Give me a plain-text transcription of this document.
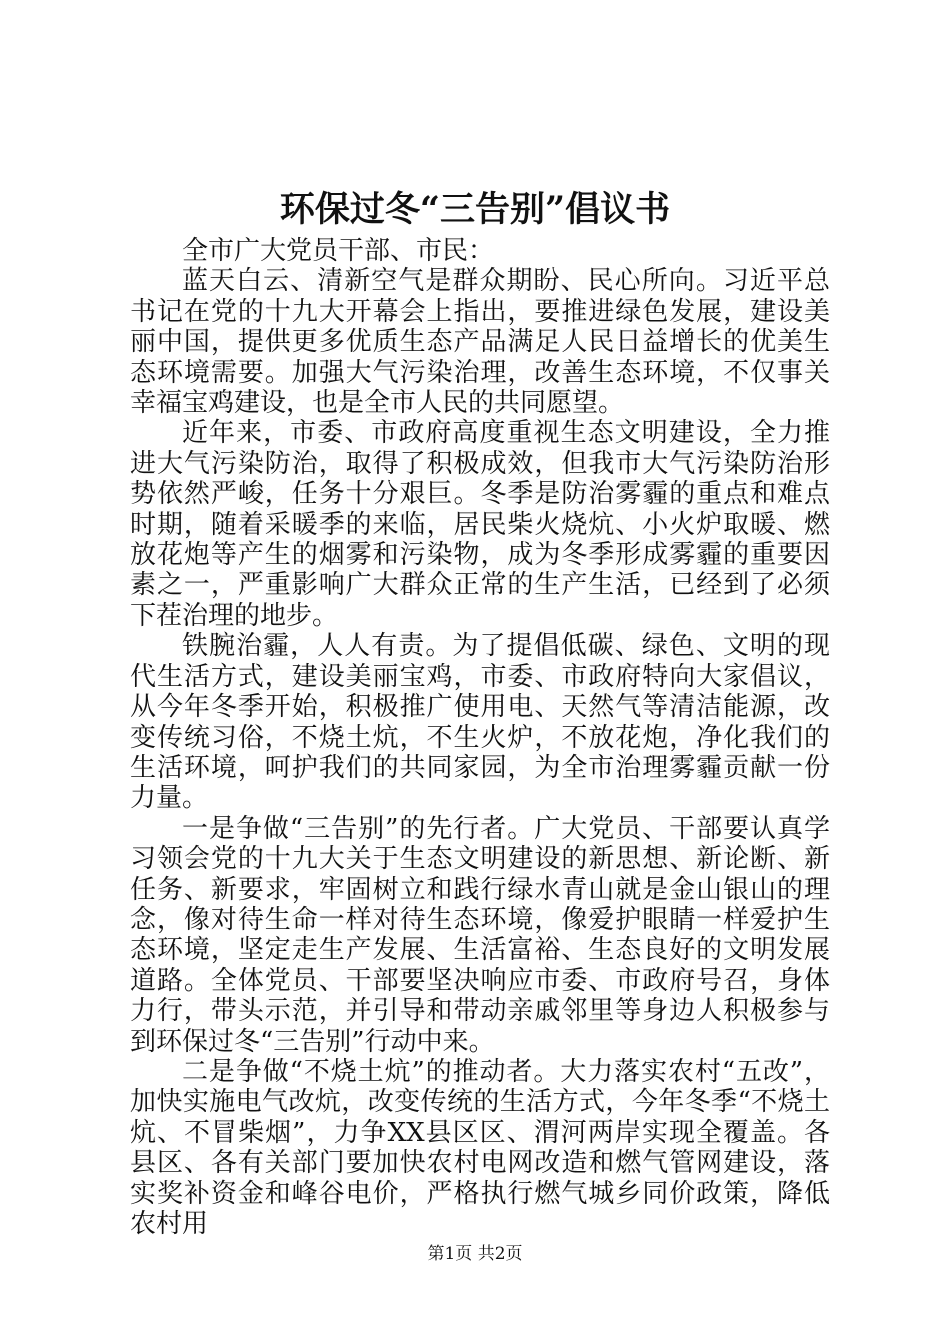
环保过冬“三告别”倡议书

全市广大党员干部、市民：

蓝天白云、清新空气是群众期盼、民心所向。习近平总书记在党的十九大开幕会上指出，要推进绿色发展，建设美丽中国，提供更多优质生态产品满足人民日益增长的优美生态环境需要。加强大气污染治理，改善生态环境，不仅事关幸福宝鸡建设，也是全市人民的共同愿望。

近年来，市委、市政府高度重视生态文明建设，全力推进大气污染防治，取得了积极成效，但我市大气污染防治形势依然严峻，任务十分艰巨。冬季是防治雾霾的重点和难点时期，随着采暖季的来临，居民柴火烧炕、小火炉取暖、燃放花炮等产生的烟雾和污染物，成为冬季形成雾霾的重要因素之一，严重影响广大群众正常的生产生活，已经到了必须下茬治理的地步。

铁腕治霾，人人有责。为了提倡低碳、绿色、文明的现代生活方式，建设美丽宝鸡，市委、市政府特向大家倡议，从今年冬季开始，积极推广使用电、天然气等清洁能源，改变传统习俗，不烧土炕，不生火炉，不放花炮，净化我们的生活环境，呵护我们的共同家园，为全市治理雾霾贡献一份力量。

一是争做“三告别”的先行者。广大党员、干部要认真学习领会党的十九大关于生态文明建设的新思想、新论断、新任务、新要求，牢固树立和践行绿水青山就是金山银山的理念，像对待生命一样对待生态环境，像爱护眼睛一样爱护生态环境，坚定走生产发展、生活富裕、生态良好的文明发展道路。全体党员、干部要坚决响应市委、市政府号召，身体力行，带头示范，并引导和带动亲戚邻里等身边人积极参与到环保过冬“三告别”行动中来。

二是争做“不烧土炕”的推动者。大力落实农村“五改”，加快实施电气改炕，改变传统的生活方式，今年冬季“不烧土炕、不冒柴烟”，力争XX县区区、渭河两岸实现全覆盖。各县区、各有关部门要加快农村电网改造和燃气管网建设，落实奖补资金和峰谷电价，严格执行燃气城乡同价政策，降低农村用

第1页 共2页
